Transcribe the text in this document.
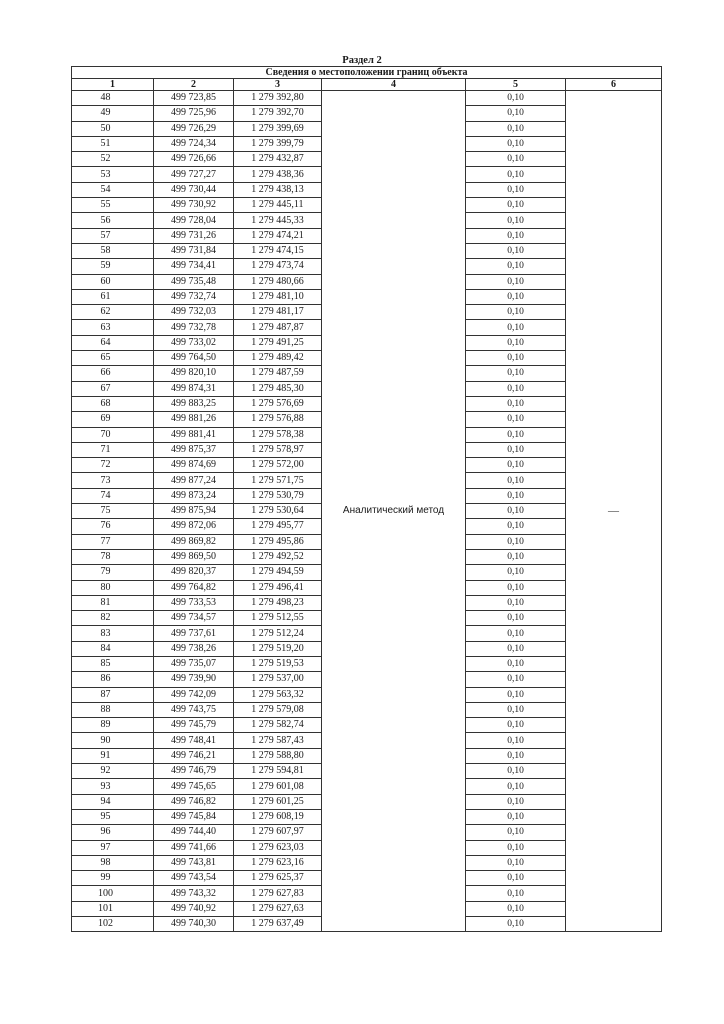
Раздел 2
Сведения о местоположении границ объекта					
1	2	3	4	5	6
48	499 723,85	1 279 392,80	Аналитический метод	0,10	—
49	499 725,96	1 279 392,70		0,10	
50	499 726,29	1 279 399,69		0,10	
51	499 724,34	1 279 399,79		0,10	
52	499 726,66	1 279 432,87		0,10	
53	499 727,27	1 279 438,36		0,10	
54	499 730,44	1 279 438,13		0,10	
55	499 730,92	1 279 445,11		0,10	
56	499 728,04	1 279 445,33		0,10	
57	499 731,26	1 279 474,21		0,10	
58	499 731,84	1 279 474,15		0,10	
59	499 734,41	1 279 473,74		0,10	
60	499 735,48	1 279 480,66		0,10	
61	499 732,74	1 279 481,10		0,10	
62	499 732,03	1 279 481,17		0,10	
63	499 732,78	1 279 487,87		0,10	
64	499 733,02	1 279 491,25		0,10	
65	499 764,50	1 279 489,42		0,10	
66	499 820,10	1 279 487,59		0,10	
67	499 874,31	1 279 485,30		0,10	
68	499 883,25	1 279 576,69		0,10	
69	499 881,26	1 279 576,88		0,10	
70	499 881,41	1 279 578,38		0,10	
71	499 875,37	1 279 578,97		0,10	
72	499 874,69	1 279 572,00		0,10	
73	499 877,24	1 279 571,75		0,10	
74	499 873,24	1 279 530,79		0,10	
75	499 875,94	1 279 530,64		0,10	
76	499 872,06	1 279 495,77		0,10	
77	499 869,82	1 279 495,86		0,10	
78	499 869,50	1 279 492,52		0,10	
79	499 820,37	1 279 494,59		0,10	
80	499 764,82	1 279 496,41		0,10	
81	499 733,53	1 279 498,23		0,10	
82	499 734,57	1 279 512,55		0,10	
83	499 737,61	1 279 512,24		0,10	
84	499 738,26	1 279 519,20		0,10	
85	499 735,07	1 279 519,53		0,10	
86	499 739,90	1 279 537,00		0,10	
87	499 742,09	1 279 563,32		0,10	
88	499 743,75	1 279 579,08		0,10	
89	499 745,79	1 279 582,74		0,10	
90	499 748,41	1 279 587,43		0,10	
91	499 746,21	1 279 588,80		0,10	
92	499 746,79	1 279 594,81		0,10	
93	499 745,65	1 279 601,08		0,10	
94	499 746,82	1 279 601,25		0,10	
95	499 745,84	1 279 608,19		0,10	
96	499 744,40	1 279 607,97		0,10	
97	499 741,66	1 279 623,03		0,10	
98	499 743,81	1 279 623,16		0,10	
99	499 743,54	1 279 625,37		0,10	
100	499 743,32	1 279 627,83		0,10	
101	499 740,92	1 279 627,63		0,10	
102	499 740,30	1 279 637,49		0,10	
